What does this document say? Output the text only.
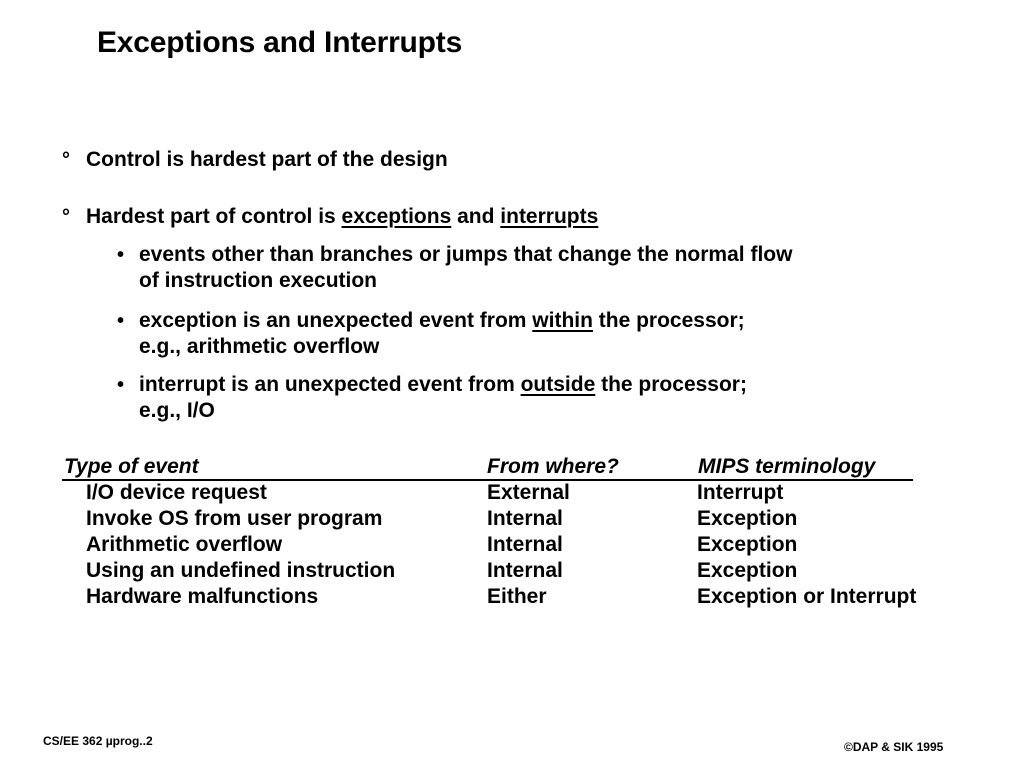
Exceptions and Interrupts
° Control is hardest part of the design
° Hardest part of control is exceptions and interrupts
• events other than branches or jumps that change the normal flow
of instruction execution
• exception is an unexpected event from within the processor;
e.g., arithmetic overflow
• interrupt is an unexpected event from outside the processor;
e.g., I/O
Type of event	From where?	MIPS terminology
I/O device request	External	Interrupt
Invoke OS from user program	Internal	Exception
Arithmetic overflow	Internal	Exception
Using an undefined instruction	Internal	Exception
Hardware malfunctions	Either	Exception or Interrupt
CS/EE 362 µprog..2	©DAP & SIK 1995
